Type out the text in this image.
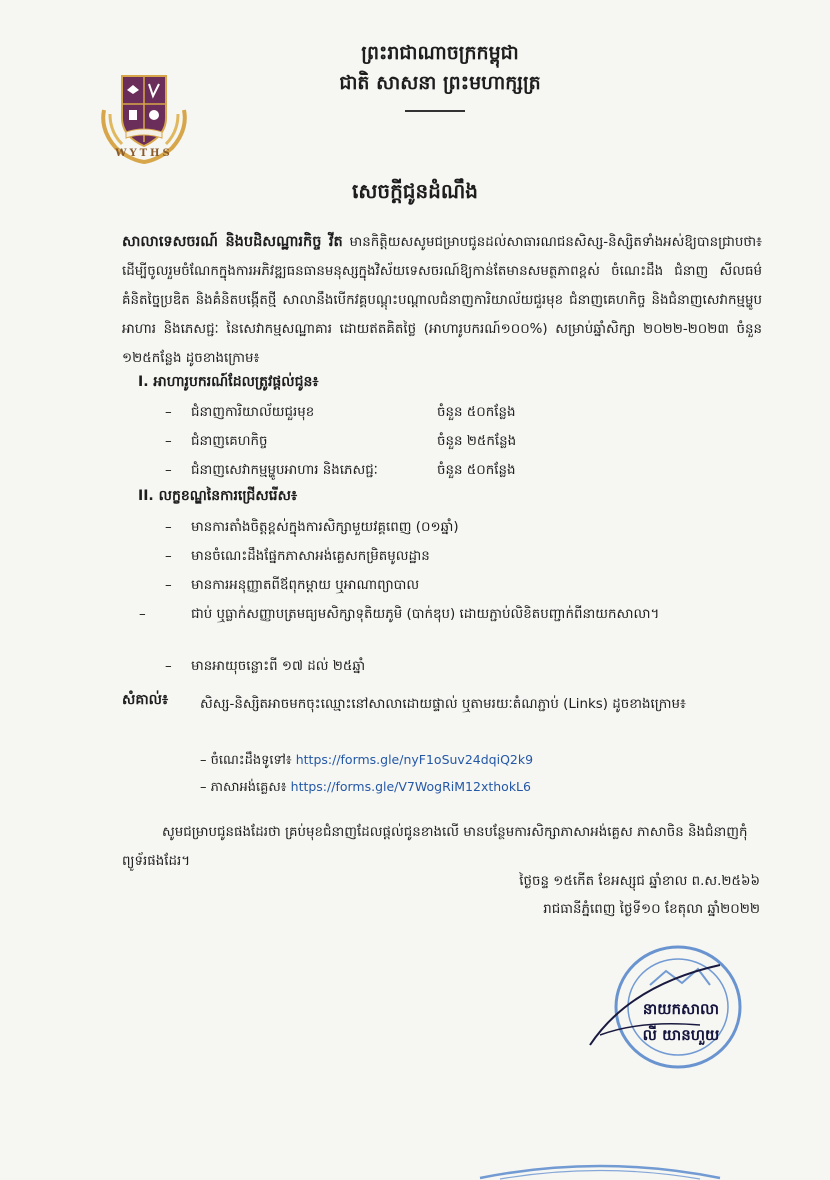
ព្រះរាជាណាចក្រកម្ពុជា
ជាតិ សាសនា ព្រះមហាក្សត្រ
WYTHS
សេចក្តីជូនដំណឹង
សាលាទេសចរណ៍ និងបដិសណ្ឋារកិច្ច វីត មានកិត្តិយសសូមជម្រាបជូនដល់សាធារណជនសិស្ស-និស្សិតទាំងអស់ឱ្យបានជ្រាបថា៖ ដើម្បីចូលរួមចំណែកក្នុងការអភិវឌ្ឍធនធានមនុស្សក្នុងវិស័យទេសចរណ៍ឱ្យកាន់តែមានសមត្ថភាពខ្ពស់ ចំណេះដឹង ជំនាញ សីលធម៌ គំនិតច្នៃប្រឌិត និងគំនិតបង្កើតថ្មី សាលានឹងបើកវគ្គបណ្តុះបណ្តាលជំនាញការិយាល័យជួរមុខ ជំនាញគេហកិច្ច និងជំនាញសេវាកម្មម្ហូបអាហារ និងភេសជ្ជៈ នៃសេវាកម្មសណ្ឋាគារ ដោយឥតគិតថ្លៃ (អាហារូបករណ៍១០០%) សម្រាប់ឆ្នាំសិក្សា ២០២២-២០២៣ ចំនួន ១២៥កន្លែង ដូចខាងក្រោម៖
I. អាហារូបករណ៍ដែលត្រូវផ្តល់ជូន៖
– ជំនាញការិយាល័យជួរមុខ	ចំនួន ៥០កន្លែង
– ជំនាញគេហកិច្ច	ចំនួន ២៥កន្លែង
– ជំនាញសេវាកម្មម្ហូបអាហារ និងភេសជ្ជៈ	ចំនួន ៥០កន្លែង
II. លក្ខខណ្ឌនៃការជ្រើសរើស៖
– មានការតាំងចិត្តខ្ពស់ក្នុងការសិក្សាមួយវគ្គពេញ (០១ឆ្នាំ)
– មានចំណេះដឹងផ្នែកភាសាអង់គ្លេសកម្រិតមូលដ្ឋាន
– មានការអនុញ្ញាតពីឪពុកម្តាយ ឬអាណាព្យាបាល
–	ជាប់ ឬធ្លាក់សញ្ញាបត្រមធ្យមសិក្សាទុតិយភូមិ (បាក់ឌុប) ដោយភ្ជាប់លិខិតបញ្ជាក់ពីនាយកសាលា។
– មានអាយុចន្លោះពី ១៧ ដល់ ២៥ឆ្នាំ
សំគាល់៖ សិស្ស-និស្សិតអាចមកចុះឈ្មោះនៅសាលាដោយផ្ទាល់ ឬតាមរយៈតំណភ្ជាប់ (Links) ដូចខាងក្រោម៖
– ចំណេះដឹងទូទៅ៖ https://forms.gle/nyF1oSuv24dqiQ2k9
– ភាសាអង់គ្លេស៖ https://forms.gle/V7WogRiM12xthokL6
សូមជម្រាបជូនផងដែរថា គ្រប់មុខជំនាញដែលផ្តល់ជូនខាងលើ មានបន្ថែមការសិក្សាភាសាអង់គ្លេស ភាសាចិន និងជំនាញកុំព្យូទ័រផងដែរ។
ថ្ងៃចន្ទ ១៥កើត ខែអស្សុជ ឆ្នាំខាល ព.ស.២៥៦៦
រាជធានីភ្នំពេញ ថ្ងៃទី១០ ខែតុលា ឆ្នាំ២០២២
នាយកសាលា
លី យានហួយ
